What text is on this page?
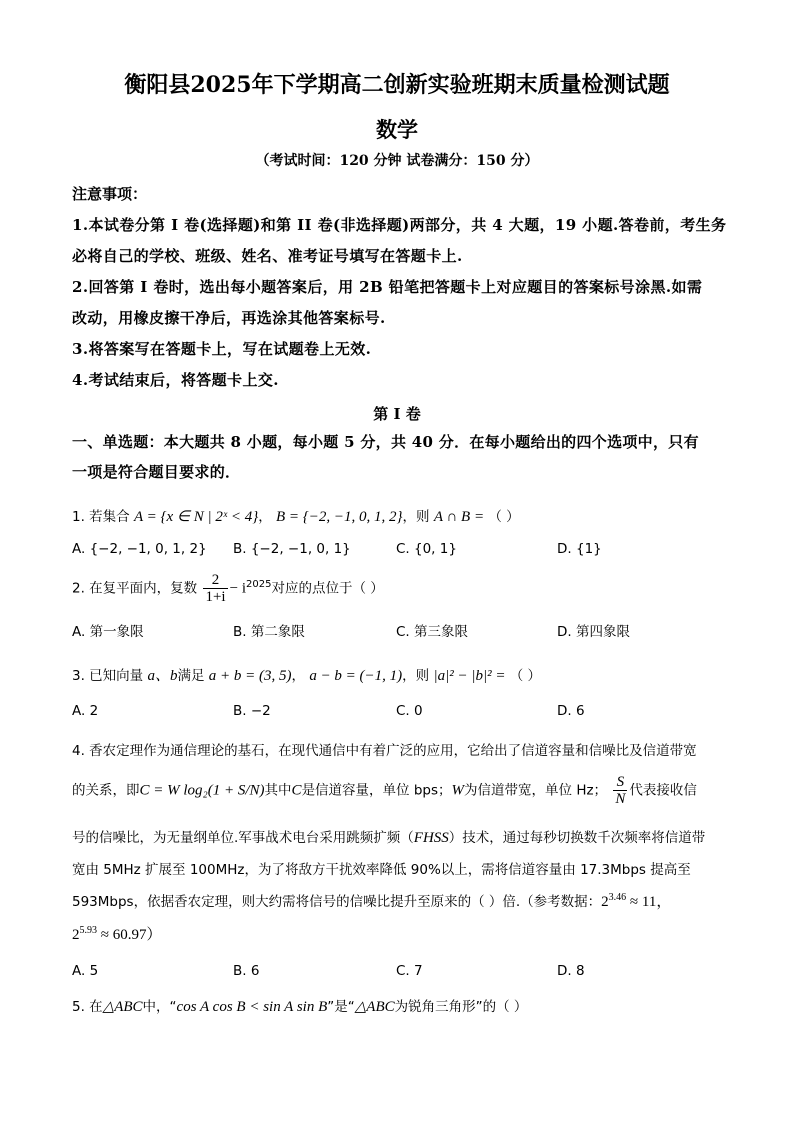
衡阳县2025年下学期高二创新实验班期末质量检测试题
数学
（考试时间：120 分钟 试卷满分：150 分）
注意事项：
1.本试卷分第 I 卷(选择题)和第 II 卷(非选择题)两部分，共 4 大题，19 小题.答卷前，考生务
必将自己的学校、班级、姓名、准考证号填写在答题卡上.
2.回答第 I 卷时，选出每小题答案后，用 2B 铅笔把答题卡上对应题目的答案标号涂黑.如需
改动，用橡皮擦干净后，再选涂其他答案标号.
3.将答案写在答题卡上，写在试题卷上无效.
4.考试结束后，将答题卡上交.
第 I 卷
一、单选题：本大题共 8 小题，每小题 5 分，共 40 分．在每小题给出的四个选项中，只有
一项是符合题目要求的．
1. 若集合 A = {x ∈ N | 2ˣ < 4}， B = {−2, −1, 0, 1, 2}，则 A ∩ B = （ ）
A. {−2, −1, 0, 1, 2} B. {−2, −1, 0, 1}	C. {0, 1}	D. {1}
2. 在复平面内，复数 $\frac{2}{1+i} - i^{2025}$对应的点位于（ ）
A. 第一象限	B. 第二象限	C. 第三象限	D. 第四象限
3. 已知向量 a、b满足 a + b = (3, 5)， a − b = (−1, 1)，则 |a|² − |b|² = （ ）
A. 2	B. −2	C. 0	D. 6
4. 香农定理作为通信理论的基石，在现代通信中有着广泛的应用，它给出了信道容量和信噪比及信道带宽
的关系，即C = W log₂(1 + S/N)其中C是信道容量，单位 bps；W为信道带宽，单位 Hz； $\frac{S}{N}$ 代表接收信
号的信噪比，为无量纲单位.军事战术电台采用跳频扩频（FHSS）技术，通过每秒切换数千次频率将信道带
宽由 5MHz 扩展至 100MHz，为了将敌方干扰效率降低 90%以上，需将信道容量由 17.3Mbps 提高至
593Mbps，依据香农定理，则大约需将信号的信噪比提升至原来的（ ）倍.（参考数据：$2^{3.46} \approx 11$，
$2^{5.93} \approx 60.97$）
A. 5	B. 6	C. 7	D. 8
5. 在△ABC中，“cos A cos B < sin A sin B”是“△ABC为锐角三角形”的（ ）
